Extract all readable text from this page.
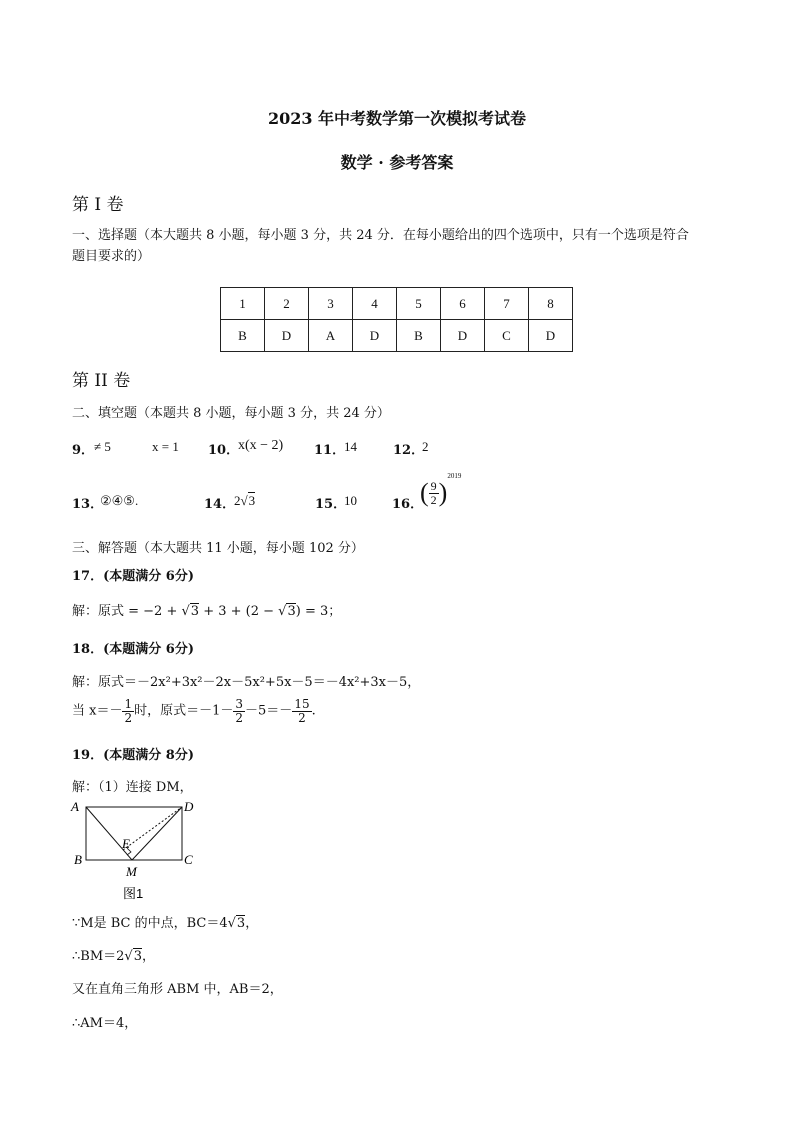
2023 年中考数学第一次模拟考试卷
数学 · 参考答案
第 I 卷
一、选择题（本大题共 8 小题，每小题 3 分，共 24 分．在每小题给出的四个选项中，只有一个选项是符合
题目要求的）
1	2	3	4	5	6	7	8
B	D	A	D	B	D	C	D
第 II 卷
二、填空题（本题共 8 小题，每小题 3 分，共 24 分）
9． ≠ 5	x = 1 10．
x(x − 2) 11．
14	12．
2
13．
②④⑤.	14．
2√3	15．
10	16．
( $\frac{9}{2} )^{2019}$
三、解答题（本大题共 11 小题，每小题 102 分）
17．(本题满分 6分)
解：原式 = −2 + √3 + 3 + (2 − √3) = 3；
18．(本题满分 6分)
解：原式＝－2x²+3x²－2x－5x²+5x－5＝－4x²+3x－5，
当 $x=- \frac{1}{2}$ 时，原式$=-1- \frac{3}{2} -5=- \frac{15}{2}$ .
19．(本题满分 8分)
解：（1）连接 DM，
A	D
B	C
E
M
图1
∵M是 BC 的中点，BC＝4√3，
∴BM＝2√3，
又在直角三角形 ABM 中，AB＝2，
∴AM＝4，
